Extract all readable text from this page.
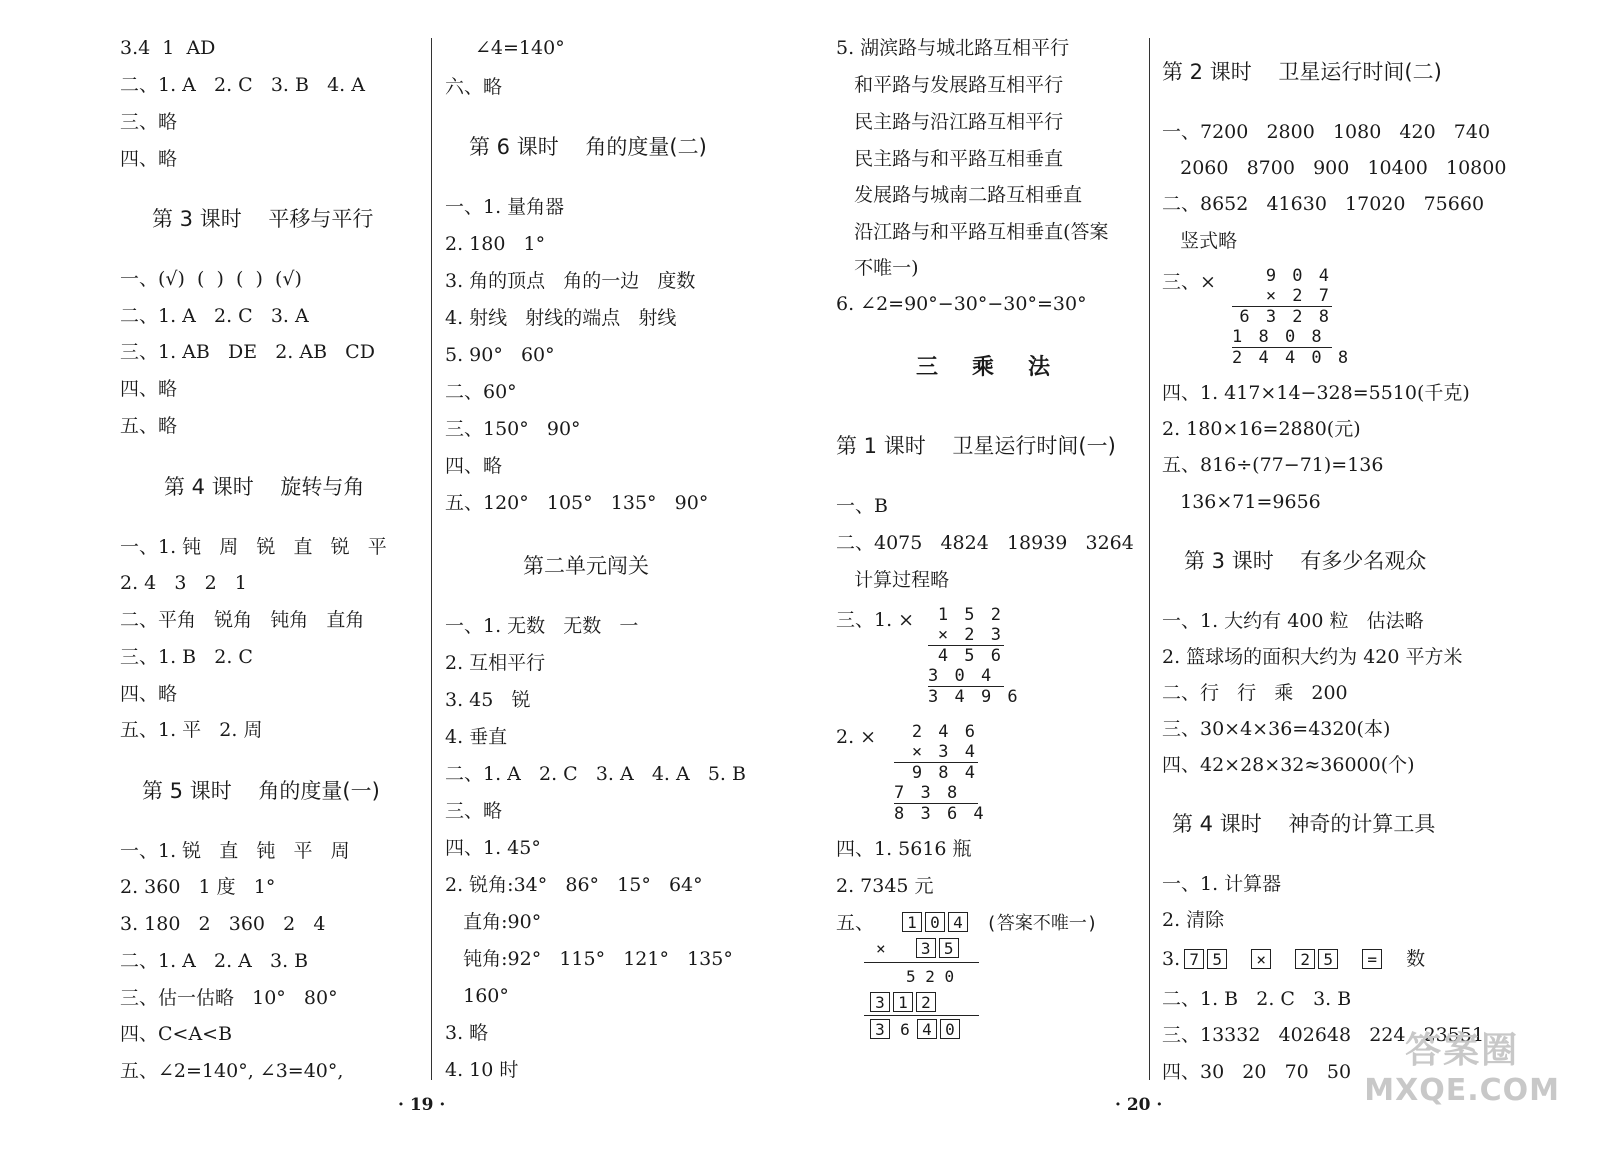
3.4  1  AD
二、1. A   2. C   3. B   4. A
三、略
四、略
第 3 课时    平移与平行
一、(√)  (  )  (  )  (√)
二、1. A   2. C   3. A
三、1. AB   DE   2. AB   CD
四、略
五、略
第 4 课时    旋转与角
一、1. 钝   周   锐   直   锐   平
2. 4   3   2   1
二、平角   锐角   钝角   直角
三、1. B   2. C
四、略
五、1. 平   2. 周
第 5 课时    角的度量(一)
一、1. 锐   直   钝   平   周
2. 360   1 度   1°
3. 180   2   360   2   4
二、1. A   2. A   3. B
三、估一估略   10°   80°
四、C<A<B
五、∠2=140°, ∠3=40°,
∠4=140°
六、略
第 6 课时    角的度量(二)
一、1. 量角器
2. 180   1°
3. 角的顶点   角的一边   度数
4. 射线   射线的端点   射线
5. 90°   60°
二、60°
三、150°   90°
四、略
五、120°   105°   135°   90°
第二单元闯关
一、1. 无数   无数   一
2. 互相平行
3. 45   锐
4. 垂直
二、1. A   2. C   3. A   4. A   5. B
三、略
四、1. 45°
2. 锐角:34°   86°   15°   64°
直角:90°
钝角:92°   115°   121°   135°
160°
3. 略
4. 10 时
5. 湖滨路与城北路互相平行
和平路与发展路互相平行
民主路与沿江路互相平行
民主路与和平路互相垂直
发展路与城南二路互相垂直
沿江路与和平路互相垂直(答案
不唯一)
6. ∠2=90°−30°−30°=30°
三乘法
第 1 课时    卫星运行时间(一)
一、B
二、4075   4824   18939   3264
计算过程略
三、1. ×	1 5 2
× 2 3
4 5 6
3 0 4
3 4 9 6
2. ×	2 4 6
× 3 4
9 8 4
7 3 8
8 3 6 4
四、1. 5616 瓶
2. 7345 元
五、	1 0 4	(答案不唯一)
× 3 5
5 2 0
3 1 2
3 6 4 0
第 2 课时    卫星运行时间(二)
一、7200   2800   1080   420   740
2060   8700   900   10400   10800
二、8652   41630   17020   75660
竖式略
三、×	9 0 4
× 2 7
6 3 2 8
1 8 0 8
2 4 4 0 8
四、1. 417×14−328=5510(千克)
2. 180×16=2880(元)
五、816÷(77−71)=136
136×71=9656
第 3 课时    有多少名观众
一、1. 大约有 400 粒   估法略
2. 篮球场的面积大约为 420 平方米
二、行   行   乘   200
三、30×4×36=4320(本)
四、42×28×32≈36000(个)
第 4 课时    神奇的计算工具
一、1. 计算器
2. 清除
3. 7 5	×	2 5	= 数
二、1. B   2. C   3. B
三、13332   402648   224   23551
四、30   20   70   50
· 19 ·	· 20 ·
答案圈
MXQE.COM
